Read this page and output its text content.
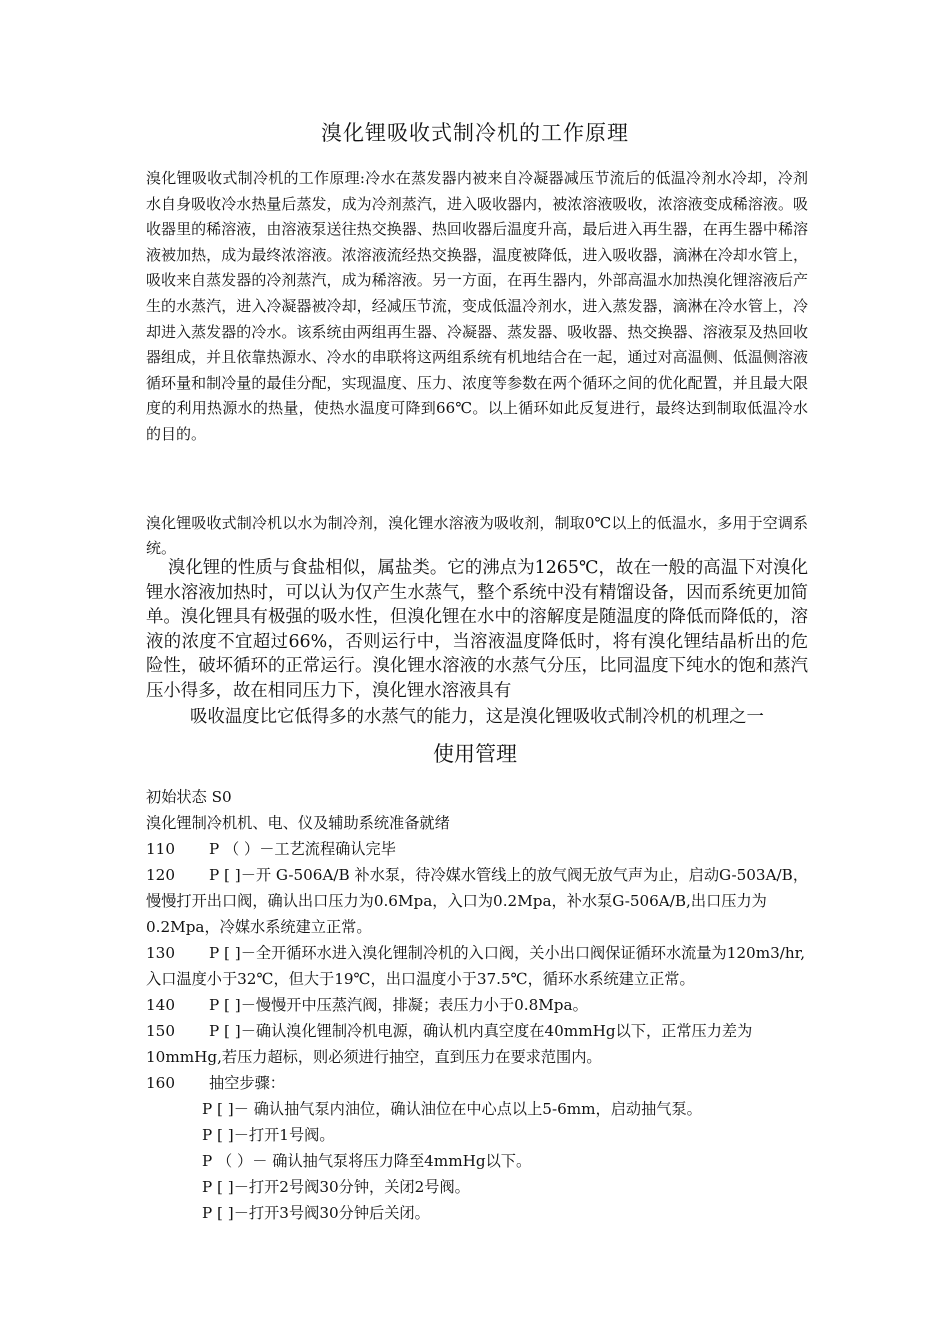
溴化锂吸收式制冷机的工作原理
溴化锂吸收式制冷机的工作原理:冷水在蒸发器内被来自冷凝器减压节流后的低温冷剂水冷却，冷剂水自身吸收冷水热量后蒸发，成为冷剂蒸汽，进入吸收器内，被浓溶液吸收，浓溶液变成稀溶液。吸收器里的稀溶液，由溶液泵送往热交换器、热回收器后温度升高，最后进入再生器，在再生器中稀溶液被加热，成为最终浓溶液。浓溶液流经热交换器，温度被降低，进入吸收器，滴淋在冷却水管上，吸收来自蒸发器的冷剂蒸汽，成为稀溶液。另一方面，在再生器内，外部高温水加热溴化锂溶液后产生的水蒸汽，进入冷凝器被冷却，经减压节流，变成低温冷剂水，进入蒸发器，滴淋在冷水管上，冷却进入蒸发器的冷水。该系统由两组再生器、冷凝器、蒸发器、吸收器、热交换器、溶液泵及热回收器组成，并且依靠热源水、冷水的串联将这两组系统有机地结合在一起，通过对高温侧、低温侧溶液循环量和制冷量的最佳分配，实现温度、压力、浓度等参数在两个循环之间的优化配置，并且最大限度的利用热源水的热量，使热水温度可降到66℃。以上循环如此反复进行，最终达到制取低温冷水的目的。
溴化锂吸收式制冷机以水为制冷剂，溴化锂水溶液为吸收剂，制取0℃以上的低温水，多用于空调系统。
溴化锂的性质与食盐相似，属盐类。它的沸点为1265℃，故在一般的高温下对溴化锂水溶液加热时，可以认为仅产生水蒸气，整个系统中没有精馏设备，因而系统更加简单。溴化锂具有极强的吸水性，但溴化锂在水中的溶解度是随温度的降低而降低的，溶液的浓度不宜超过66%，否则运行中，当溶液温度降低时，将有溴化锂结晶析出的危险性，破坏循环的正常运行。溴化锂水溶液的水蒸气分压，比同温度下纯水的饱和蒸汽压小得多，故在相同压力下，溴化锂水溶液具有
吸收温度比它低得多的水蒸气的能力，这是溴化锂吸收式制冷机的机理之一
使用管理
初始状态 S0
溴化锂制冷机机、电、仪及辅助系统准备就绪
110 P （ ）－工艺流程确认完毕
120 P [ ]－开 G-506A/B 补水泵，待冷媒水管线上的放气阀无放气声为止，启动G-503A/B，慢慢打开出口阀，确认出口压力为0.6Mpa，入口为0.2Mpa，补水泵G-506A/B,出口压力为0.2Mpa，冷媒水系统建立正常。
130 P [ ]－全开循环水进入溴化锂制冷机的入口阀，关小出口阀保证循环水流量为120m3/hr,入口温度小于32℃，但大于19℃，出口温度小于37.5℃，循环水系统建立正常。
140 P [ ]－慢慢开中压蒸汽阀，排凝；表压力小于0.8Mpa。
150 P [ ]－确认溴化锂制冷机电源，确认机内真空度在40mmHg以下，正常压力差为10mmHg,若压力超标，则必须进行抽空，直到压力在要求范围内。
160 抽空步骤：
P [ ]－ 确认抽气泵内油位，确认油位在中心点以上5-6mm，启动抽气泵。
P [ ]－打开1号阀。
P （ ）－ 确认抽气泵将压力降至4mmHg以下。
P [ ]－打开2号阀30分钟，关闭2号阀。
P [ ]－打开3号阀30分钟后关闭。
